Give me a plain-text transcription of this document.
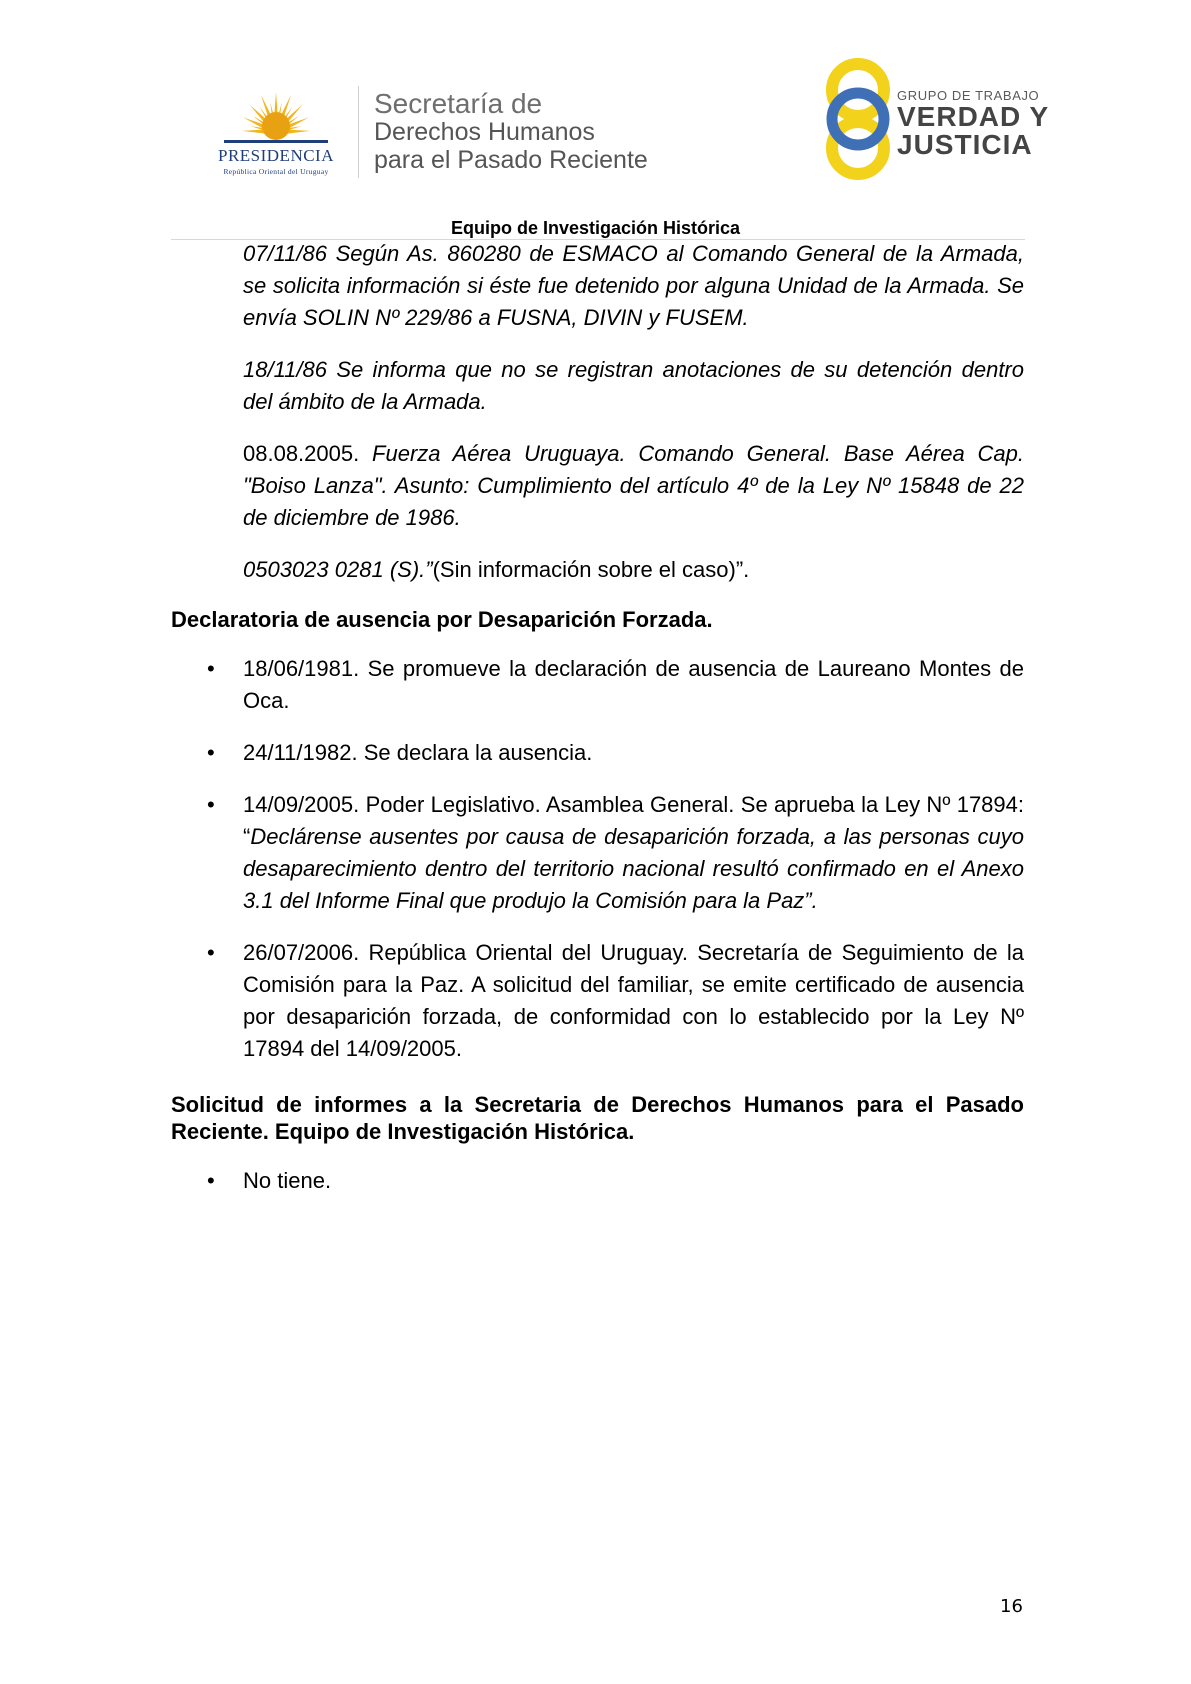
PRESIDENCIA
República Oriental del Uruguay
Secretaría de
Derechos Humanos
para el Pasado Reciente
GRUPO DE TRABAJO
VERDAD Y
JUSTICIA
Equipo de Investigación Histórica

07/11/86 Según As. 860280 de ESMACO al Comando General de la Armada, se solicita información si éste fue detenido por alguna Unidad de la Armada. Se envía SOLIN Nº 229/86 a FUSNA, DIVIN y FUSEM.

18/11/86 Se informa que no se registran anotaciones de su detención dentro del ámbito de la Armada.

08.08.2005. Fuerza Aérea Uruguaya. Comando General. Base Aérea Cap. "Boiso Lanza". Asunto: Cumplimiento del artículo 4º de la Ley Nº 15848 de 22 de diciembre de 1986.

0503023 0281 (S).”(Sin información sobre el caso)”.

Declaratoria de ausencia por Desaparición Forzada.
• 18/06/1981. Se promueve la declaración de ausencia de Laureano Montes de Oca.
• 24/11/1982. Se declara la ausencia.
• 14/09/2005. Poder Legislativo. Asamblea General. Se aprueba la Ley Nº 17894: “Declárense ausentes por causa de desaparición forzada, a las personas cuyo desaparecimiento dentro del territorio nacional resultó confirmado en el Anexo 3.1 del Informe Final que produjo la Comisión para la Paz”.
• 26/07/2006. República Oriental del Uruguay. Secretaría de Seguimiento de la Comisión para la Paz. A solicitud del familiar, se emite certificado de ausencia por desaparición forzada, de conformidad con lo establecido por la Ley Nº 17894 del 14/09/2005.
Solicitud de informes a la Secretaria de Derechos Humanos para el Pasado Reciente. Equipo de Investigación Histórica.
• No tiene.
16
